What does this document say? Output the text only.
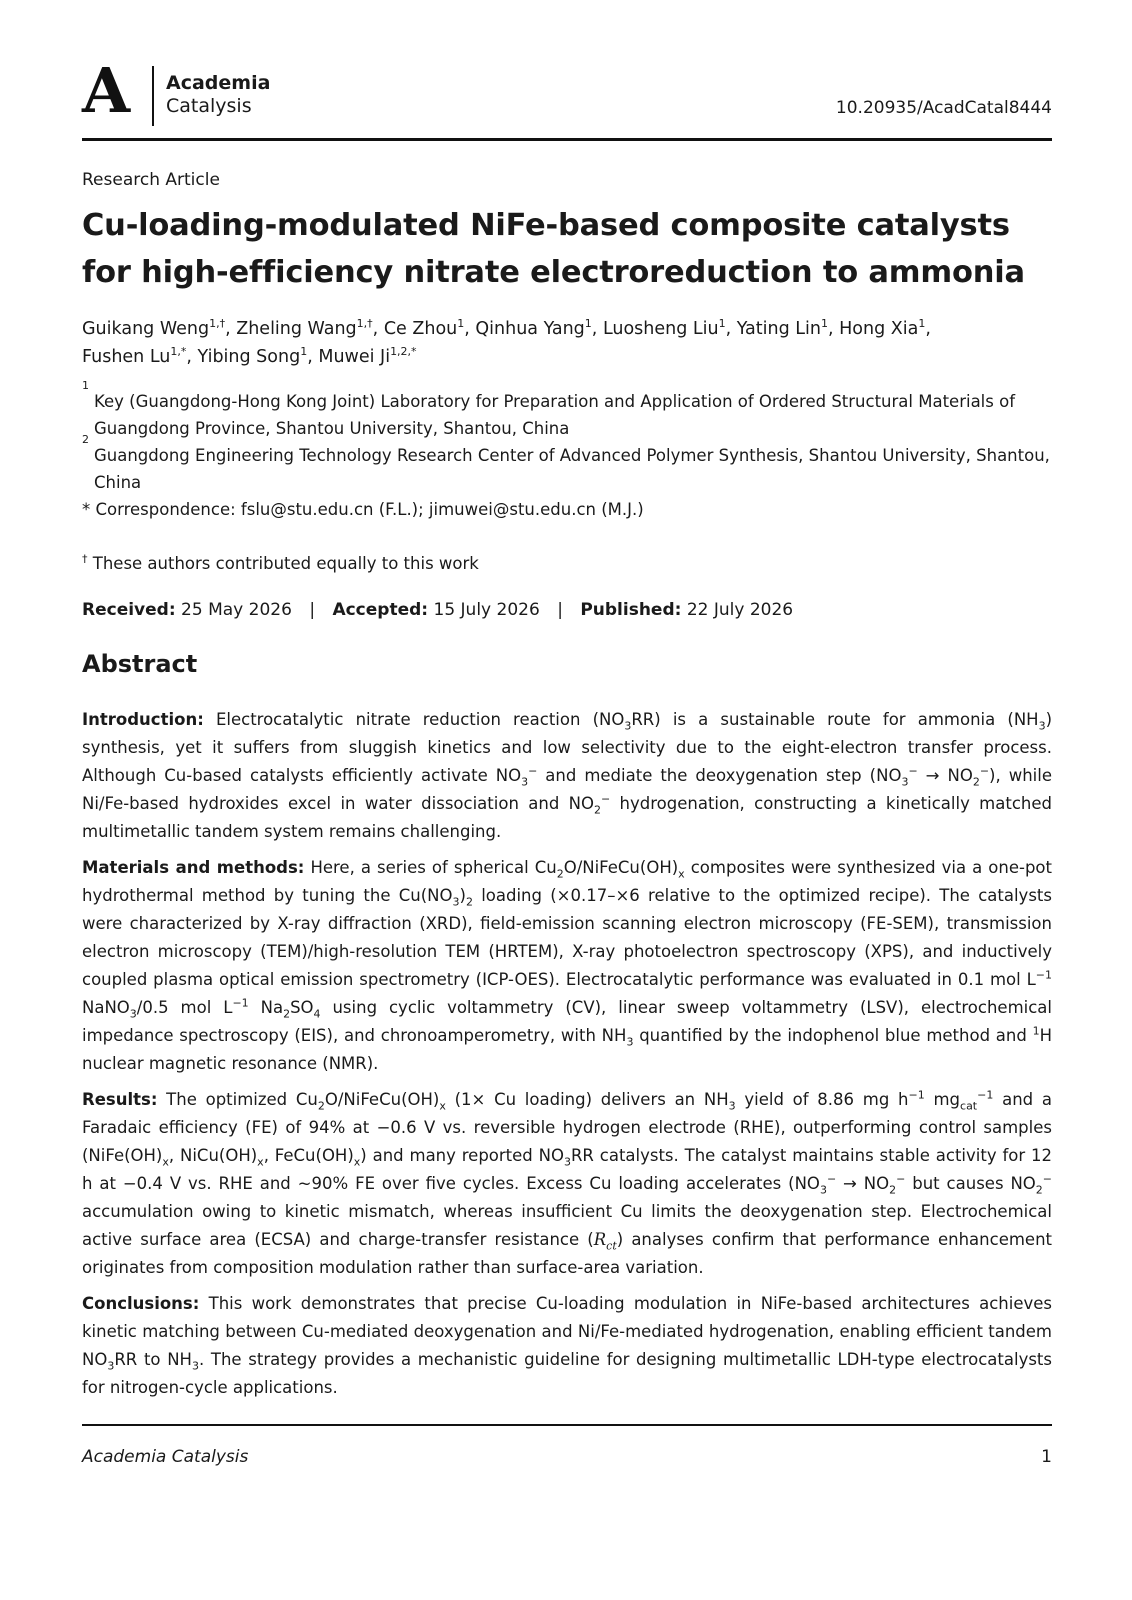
A Academia
Catalysis	10.20935/AcadCatal8444
Research Article
Cu-loading-modulated NiFe-based composite catalysts
for high-efficiency nitrate electroreduction to ammonia
Guikang Weng$^{1,\dagger}$, Zheling Wang$^{1,\dagger}$, Ce Zhou$^1$, Qinhua Yang$^1$, Luosheng Liu$^1$, Yating Lin$^1$, Hong Xia$^1$,
Fushen $Lu^{1,*}$, Yibing Song$^1$, Muwei $Ji^{1,2,*}$
1
Key (Guangdong-Hong Kong Joint) Laboratory for Preparation and Application of Ordered Structural Materials of Guangdong Province, Shantou University, Shantou, China
2
Guangdong Engineering Technology Research Center of Advanced Polymer Synthesis, Shantou University, Shantou, China
* Correspondence: fslu@stu.edu.cn (F.L.); jimuwei@stu.edu.cn (M.J.)
† These authors contributed equally to this work
Received: 25 May 2026 | Accepted: 15 July 2026 | Published: 22 July 2026
Abstract

Introduction: Electrocatalytic nitrate reduction reaction $(NO_3RR)$ is a sustainable route for ammonia $(NH_3)$ synthesis, yet it suffers from sluggish kinetics and low selectivity due to the eight-electron transfer process. Although Cu-based catalysts efficiently activate $NO_3^-$ and mediate the deoxygenation step $(NO_3^- \to NO_2^-)$, while Ni/Fe-based hydroxides excel in water dissociation and $NO_2^-$ hydrogenation, constructing a kinetically matched multimetallic tandem system remains challenging.

Materials and methods: Here, a series of spherical $Cu_2O/NiFeCu(OH)_x$ composites were synthesized via a one-pot hydrothermal method by tuning the $Cu(NO_3)_2$ loading (×0.17–×6 relative to the optimized recipe). The catalysts were characterized by X-ray diffraction (XRD), field-emission scanning electron microscopy (FE-SEM), transmission electron microscopy (TEM)/high-resolution TEM (HRTEM), X-ray photoelectron spectroscopy (XPS), and inductively coupled plasma optical emission spectrometry (ICP-OES). Electrocatalytic performance was evaluated in 0.1 mol $L^{-1}$ NaNO$_3$/0.5 mol $L^{-1}$ $Na_2SO_4$ using cyclic voltammetry (CV), linear sweep voltammetry (LSV), electrochemical impedance spectroscopy (EIS), and chronoamperometry, with $NH_3$ quantified by the indophenol blue method and $^1$H nuclear magnetic resonance (NMR).

Results: The optimized $Cu_2O/NiFeCu(OH)_x$ (1× Cu loading) delivers an $NH_3$ yield of 8.86 mg $h^{-1}$ $mg_{cat}^{-1}$ and a Faradaic efficiency (FE) of 94% at −0.6 V vs. reversible hydrogen electrode (RHE), outperforming control samples ($NiFe(OH)_x$, $NiCu(OH)_x$, $FeCu(OH)_x$) and many reported $NO_3RR$ catalysts. The catalyst maintains stable activity for 12 h at −0.4 V vs. RHE and ~90% FE over five cycles. Excess Cu loading accelerates ($NO_3^- \to NO_2^-$ but causes $NO_2^-$ accumulation owing to kinetic mismatch, whereas insufficient Cu limits the deoxygenation step. Electrochemical active surface area (ECSA) and charge-transfer resistance $(R_{ct})$ analyses confirm that performance enhancement originates from composition modulation rather than surface-area variation.

Conclusions: This work demonstrates that precise Cu-loading modulation in NiFe-based architectures achieves kinetic matching between Cu-mediated deoxygenation and Ni/Fe-mediated hydrogenation, enabling efficient tandem $NO_3RR$ to $NH_3$. The strategy provides a mechanistic guideline for designing multimetallic LDH-type electrocatalysts for nitrogen-cycle applications.

Academia Catalysis	1
